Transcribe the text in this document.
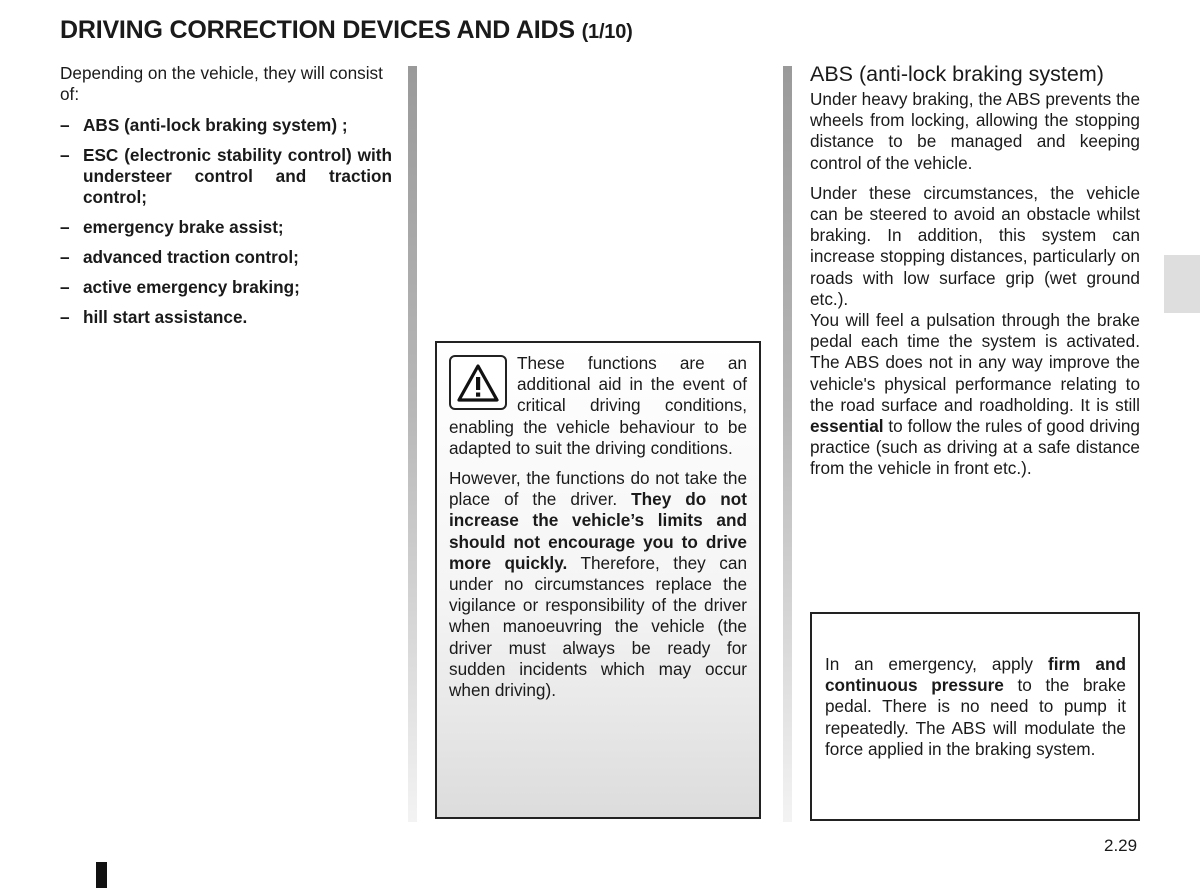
DRIVING CORRECTION DEVICES AND AIDS (1/10)

Depending on the vehicle, they will consist of:

– ABS (anti-lock braking system) ;
– ESC (electronic stability control) with understeer control and traction control;
– emergency brake assist;
– advanced traction control;
– active emergency braking;
– hill start assistance.

These functions are an additional aid in the event of critical driving conditions, enabling the vehicle behaviour to be adapted to suit the driving conditions.

However, the functions do not take the place of the driver. They do not increase the vehicle’s limits and should not encourage you to drive more quickly. Therefore, they can under no circumstances replace the vigilance or responsibility of the driver when manoeuvring the vehicle (the driver must always be ready for sudden incidents which may occur when driving).

ABS (anti-lock braking system)

Under heavy braking, the ABS prevents the wheels from locking, allowing the stopping distance to be managed and keeping control of the vehicle.

Under these circumstances, the vehicle can be steered to avoid an obstacle whilst braking. In addition, this system can increase stopping distances, particularly on roads with low surface grip (wet ground etc.).

You will feel a pulsation through the brake pedal each time the system is activated. The ABS does not in any way improve the vehicle's physical performance relating to the road surface and roadholding. It is still essential to follow the rules of good driving practice (such as driving at a safe distance from the vehicle in front etc.).

In an emergency, apply firm and continuous pressure to the brake pedal. There is no need to pump it repeatedly. The ABS will modulate the force applied in the braking system.

2.29
